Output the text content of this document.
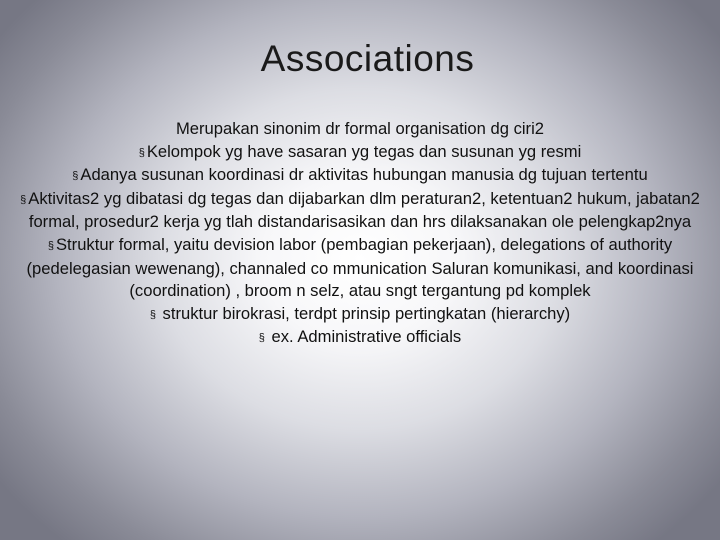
Associations

Merupakan sinonim dr formal organisation dg ciri2

§ Kelompok yg have sasaran yg tegas dan susunan yg resmi

§ Adanya susunan koordinasi dr aktivitas hubungan manusia dg tujuan tertentu

§ Aktivitas2 yg dibatasi dg tegas dan dijabarkan dlm peraturan2, ketentuan2 hukum, jabatan2 formal, prosedur2 kerja yg tlah distandarisasikan dan hrs dilaksanakan ole pelengkap2nya

§ Struktur formal, yaitu devision labor (pembagian pekerjaan), delegations of authority (pedelegasian wewenang), channaled co mmunication Saluran komunikasi, and koordinasi (coordination) , broom n selz, atau sngt tergantung pd komplek

§ struktur birokrasi, terdpt prinsip pertingkatan (hierarchy)

§ ex. Administrative officials
